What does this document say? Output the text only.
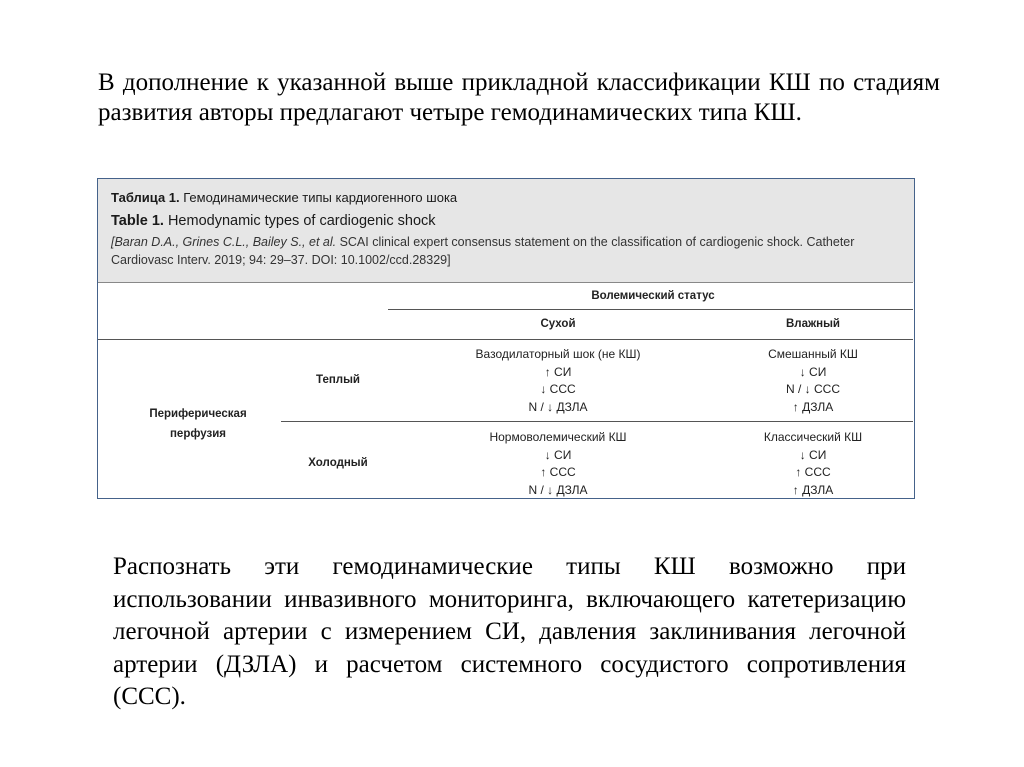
В дополнение к указанной выше прикладной классификации КШ по стадиям развития авторы предлагают четыре гемодинамических типа КШ.
Таблица 1. Гемодинамические типы кардиогенного шока
Table 1. Hemodynamic types of cardiogenic shock
[Baran D.A., Grines C.L., Bailey S., et al. SCAI clinical expert consensus statement on the classification of cardiogenic shock. Catheter Cardiovasc Interv. 2019; 94: 29–37. DOI: 10.1002/ccd.28329]
Волемический статус
Сухой	Влажный
Периферическая
перфузия
Теплый
Холодный
Вазодилаторный шок (не КШ)
↑ СИ
↓ ССС
N / ↓ ДЗЛА
Смешанный КШ
↓ СИ
N / ↓ ССС
↑ ДЗЛА
Нормоволемический КШ
↓ СИ
↑ ССС
N / ↓ ДЗЛА
Классический КШ
↓ СИ
↑ ССС
↑ ДЗЛА
Распознать эти гемодинамические типы КШ возможно при использовании инвазивного мониторинга, включающего катетеризацию легочной артерии с измерением СИ, давления заклинивания легочной артерии (ДЗЛА) и расчетом системного сосудистого сопротивления (ССС).
